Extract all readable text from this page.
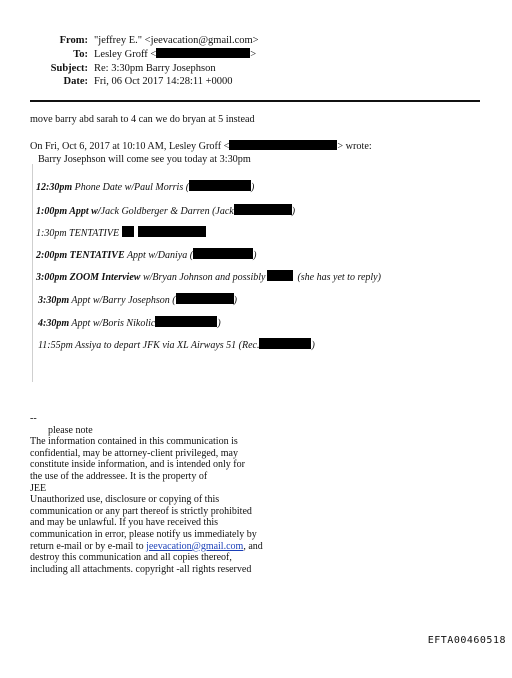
From: "jeffrey E." <jeevacation@gmail.com>
To: Lesley Groff <	>
Subject: Re: 3:30pm Barry Josephson
Date: Fri, 06 Oct 2017 14:28:11 +0000
move barry abd sarah to 4 can we do bryan at 5 instead
On Fri, Oct 6, 2017 at 10:10 AM, Lesley Groff <	> wrote:
Barry Josephson will come see you today at 3:30pm
12:30pm Phone Date w/Paul Morris (	)
1:00pm Appt w/Jack Goldberger & Darren (Jack	)
1:30pm TENTATIVE
2:00pm TENTATIVE Appt w/Daniya (	)
3:00pm ZOOM Interview w/Bryan Johnson and possibly	(she has yet to reply)
3:30pm Appt w/Barry Josephson (	)
4:30pm Appt w/Boris Nikolic	)
11:55pm Assiya to depart JFK via XL Airways 51 (Rec.	)
--
please note
The information contained in this communication is
confidential, may be attorney-client privileged, may
constitute inside information, and is intended only for
the use of the addressee. It is the property of
JEE
Unauthorized use, disclosure or copying of this
communication or any part thereof is strictly prohibited
and may be unlawful. If you have received this
communication in error, please notify us immediately by
return e-mail or by e-mail to jeevacation@gmail.com, and
destroy this communication and all copies thereof,
including all attachments. copyright -all rights reserved
EFTA00460518
